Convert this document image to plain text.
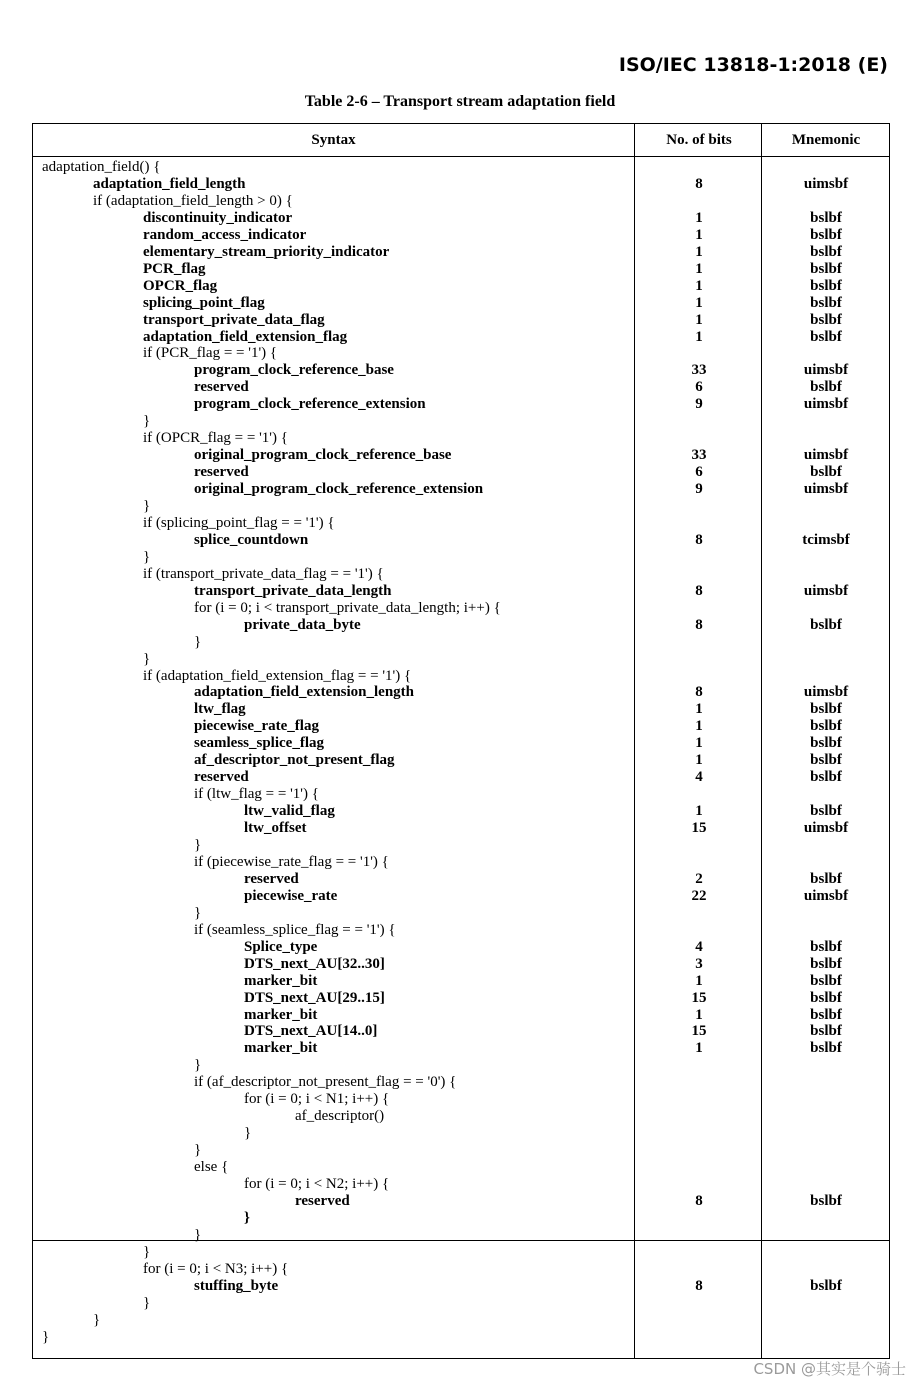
ISO/IEC 13818-1:2018 (E)
Table 2-6 – Transport stream adaptation field
Syntax	No. of bits	Mnemonic
adaptation_field() {
adaptation_field_length	8	uimsbf
if (adaptation_field_length > 0) {
discontinuity_indicator	1	bslbf
random_access_indicator	1	bslbf
elementary_stream_priority_indicator	1	bslbf
PCR_flag	1	bslbf
OPCR_flag	1	bslbf
splicing_point_flag	1	bslbf
transport_private_data_flag	1	bslbf
adaptation_field_extension_flag	1	bslbf
if (PCR_flag = = '1') {
program_clock_reference_base	33	uimsbf
reserved	6	bslbf
program_clock_reference_extension	9	uimsbf
}
if (OPCR_flag = = '1') {
original_program_clock_reference_base	33	uimsbf
reserved	6	bslbf
original_program_clock_reference_extension	9	uimsbf
}
if (splicing_point_flag = = '1') {
splice_countdown	8	tcimsbf
}
if (transport_private_data_flag = = '1') {
transport_private_data_length	8	uimsbf
for (i = 0; i < transport_private_data_length; i++) {
private_data_byte	8	bslbf
}
}
if (adaptation_field_extension_flag = = '1') {
adaptation_field_extension_length	8	uimsbf
ltw_flag	1	bslbf
piecewise_rate_flag	1	bslbf
seamless_splice_flag	1	bslbf
af_descriptor_not_present_flag	1	bslbf
reserved	4	bslbf
if (ltw_flag = = '1') {
ltw_valid_flag	1	bslbf
ltw_offset	15	uimsbf
}
if (piecewise_rate_flag = = '1') {
reserved	2	bslbf
piecewise_rate	22	uimsbf
}
if (seamless_splice_flag = = '1') {
Splice_type	4	bslbf
DTS_next_AU[32..30]	3	bslbf
marker_bit	1	bslbf
DTS_next_AU[29..15]	15	bslbf
marker_bit	1	bslbf
DTS_next_AU[14..0]	15	bslbf
marker_bit	1	bslbf
}
if (af_descriptor_not_present_flag = = '0') {
for (i = 0; i < N1; i++) {
af_descriptor()
}
}
else {
for (i = 0; i < N2; i++) {
reserved	8	bslbf
}
}
}
for (i = 0; i < N3; i++) {
stuffing_byte	8	bslbf
}
}
}
CSDN @其实是个骑士
